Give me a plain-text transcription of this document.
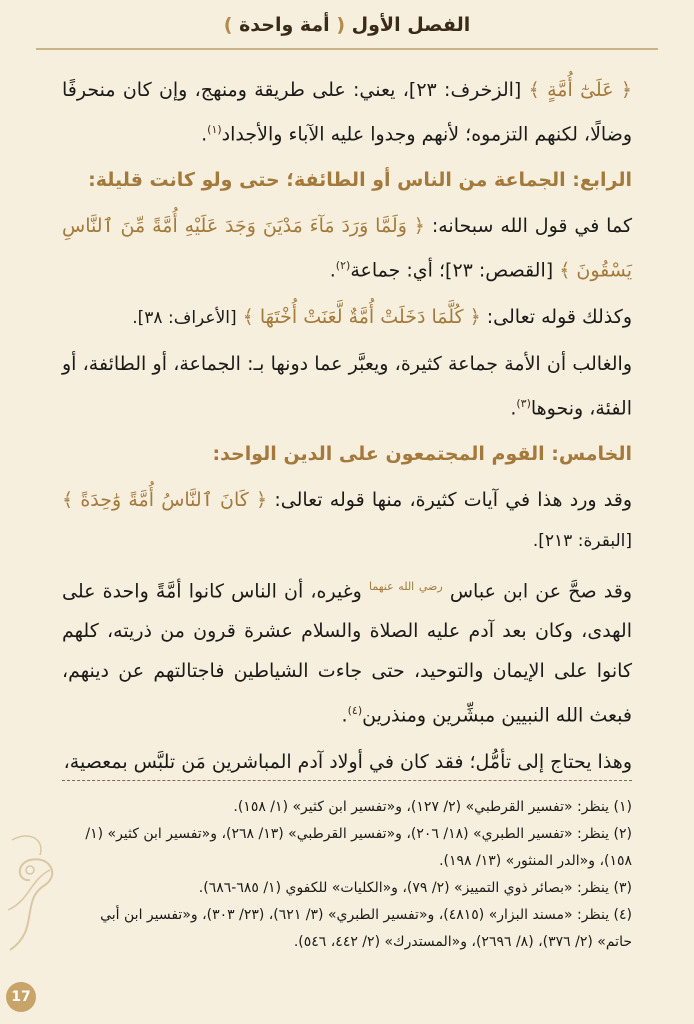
الفصل الأول ( أمة واحدة )

﴿ عَلَىٰٓ أُمَّةٍ ﴾ [الزخرف: ٢٣]، يعني: على طريقة ومنهج، وإن كان منحرفًا وضالًا، لكنهم التزموه؛ لأنهم وجدوا عليه الآباء والأجداد$^{(١)}$.

الرابع: الجماعة من الناس أو الطائفة؛ حتى ولو كانت قليلة:

كما في قول الله سبحانه: ﴿ وَلَمَّا وَرَدَ مَآءَ مَدْيَنَ وَجَدَ عَلَيْهِ أُمَّةً مِّنَ ٱلنَّاسِ يَسْقُونَ ﴾ [القصص: ٢٣]؛ أي: جماعة$^{(٢)}$.

وكذلك قوله تعالى: ﴿ كُلَّمَا دَخَلَتْ أُمَّةٌ لَّعَنَتْ أُخْتَهَا ﴾ [الأعراف: ٣٨].

والغالب أن الأمة جماعة كثيرة، ويعبَّر عما دونها بـ: الجماعة، أو الطائفة، أو الفئة، ونحوها$^{(٣)}$.

الخامس: القوم المجتمعون على الدين الواحد:

وقد ورد هذا في آيات كثيرة، منها قوله تعالى: ﴿ كَانَ ٱلنَّاسُ أُمَّةً وَٰحِدَةً ﴾ [البقرة: ٢١٣].

وقد صحَّ عن ابن عباس $^{رضي الله عنهما}$ وغيره، أن الناس كانوا أمَّةً واحدة على الهدى، وكان بعد آدم عليه الصلاة والسلام عشرة قرون من ذريته، كلهم كانوا على الإيمان والتوحيد، حتى جاءت الشياطين فاجتالتهم عن دينهم، فبعث الله النبيين مبشِّرين ومنذرين$^{(٤)}$.

وهذا يحتاج إلى تأمُّل؛ فقد كان في أولاد آدم المباشرين مَن تلبَّس بمعصية،

(١) ينظر: «تفسير القرطبي» (٢/ ١٢٧)، و«تفسير ابن كثير» (١/ ١٥٨).

(٢) ينظر: «تفسير الطبري» (١٨/ ٢٠٦)، و«تفسير القرطبي» (١٣/ ٢٦٨)، و«تفسير ابن كثير» (١/ ١٥٨)، و«الدر المنثور» (١٣/ ١٩٨).

(٣) ينظر: «بصائر ذوي التمييز» (٢/ ٧٩)، و«الكليات» للكفوي (١/ ٦٨٥-٦٨٦).

(٤) ينظر: «مسند البزار» (٤٨١٥)، و«تفسير الطبري» (٣/ ٦٢١)، (٢٣/ ٣٠٣)، و«تفسير ابن أبي حاتم» (٢/ ٣٧٦)، (٨/ ٢٦٩٦)، و«المستدرك» (٢/ ٤٤٢، ٥٤٦).

17
